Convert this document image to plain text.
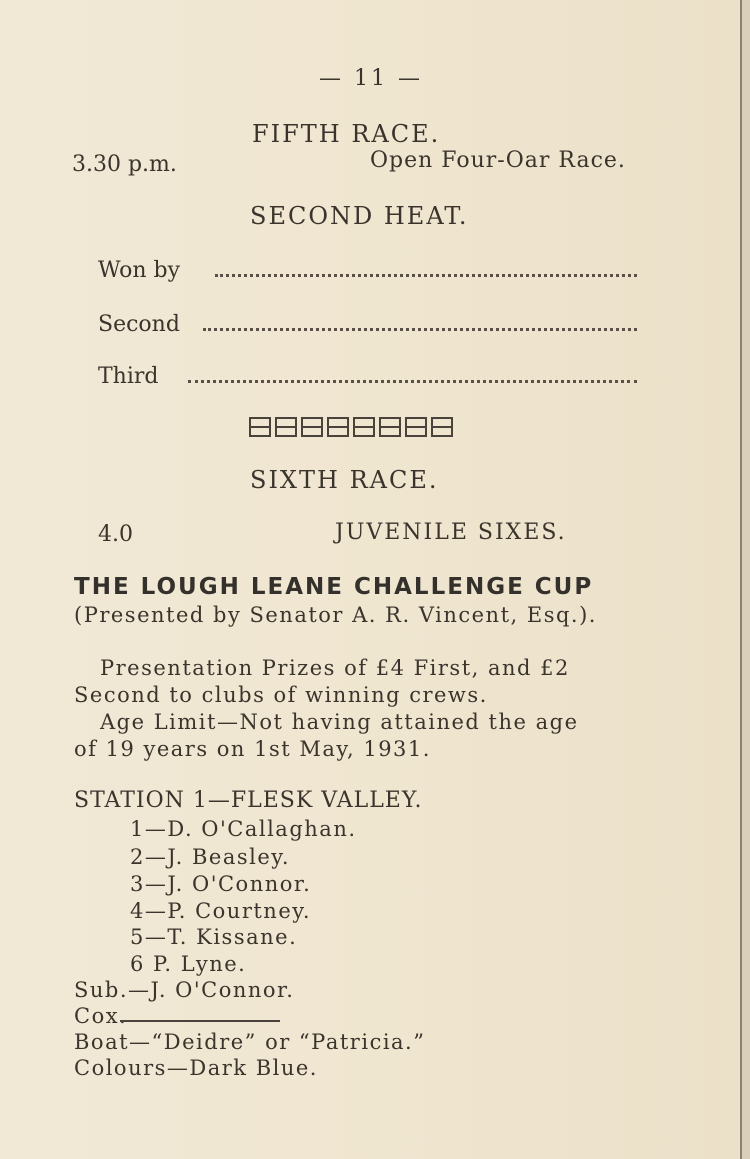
— 11 —
FIFTH RACE.
3.30 p.m.	Open Four-Oar Race.
SECOND HEAT.
Won by
Second
Third
SIXTH RACE.
4.0	JUVENILE SIXES.
THE LOUGH LEANE CHALLENGE CUP
(Presented by Senator A. R. Vincent, Esq.).
Presentation Prizes of £4 First, and £2
Second to clubs of winning crews.
Age Limit—Not having attained the age
of 19 years on 1st May, 1931.
STATION 1—FLESK VALLEY.
1—D. O'Callaghan.
2—J. Beasley.
3—J. O'Connor.
4—P. Courtney.
5—T. Kissane.
6 P. Lyne.
Sub.—J. O'Connor.
Cox.
Boat—“Deidre” or “Patricia.”
Colours—Dark Blue.
